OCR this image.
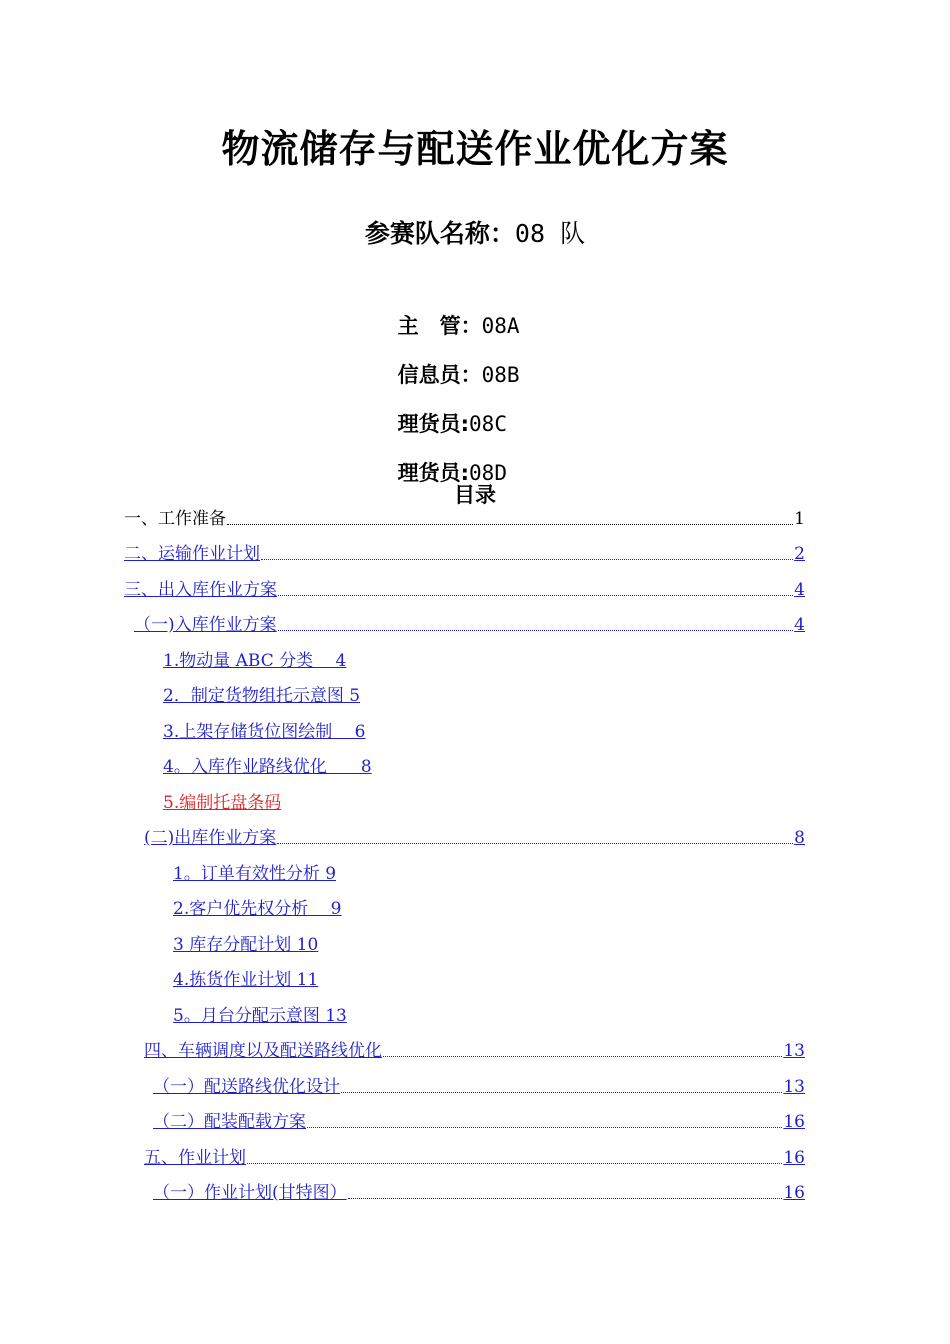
物流储存与配送作业优化方案
参赛队名称：08 队

主　管：08A

信息员：08B

理货员:08C

理货员:08D

目录
一、工作准备	1
二、运输作业计划	2
三、出入库作业方案	4
（一)入库作业方案	4
1.物动量 ABC 分类　 4
2．制定货物组托示意图 5
3.上架存储货位图绘制　 6
4。入库作业路线优化　　8
5.编制托盘条码
(二)出库作业方案	8
1。订单有效性分析 9
2.客户优先权分析　 9
3 库存分配计划 10
4.拣货作业计划 11
5。月台分配示意图 13
四、车辆调度以及配送路线优化	13
（一）配送路线优化设计	13
（二）配装配载方案	16
五、作业计划	16
（一）作业计划(甘特图）	16
